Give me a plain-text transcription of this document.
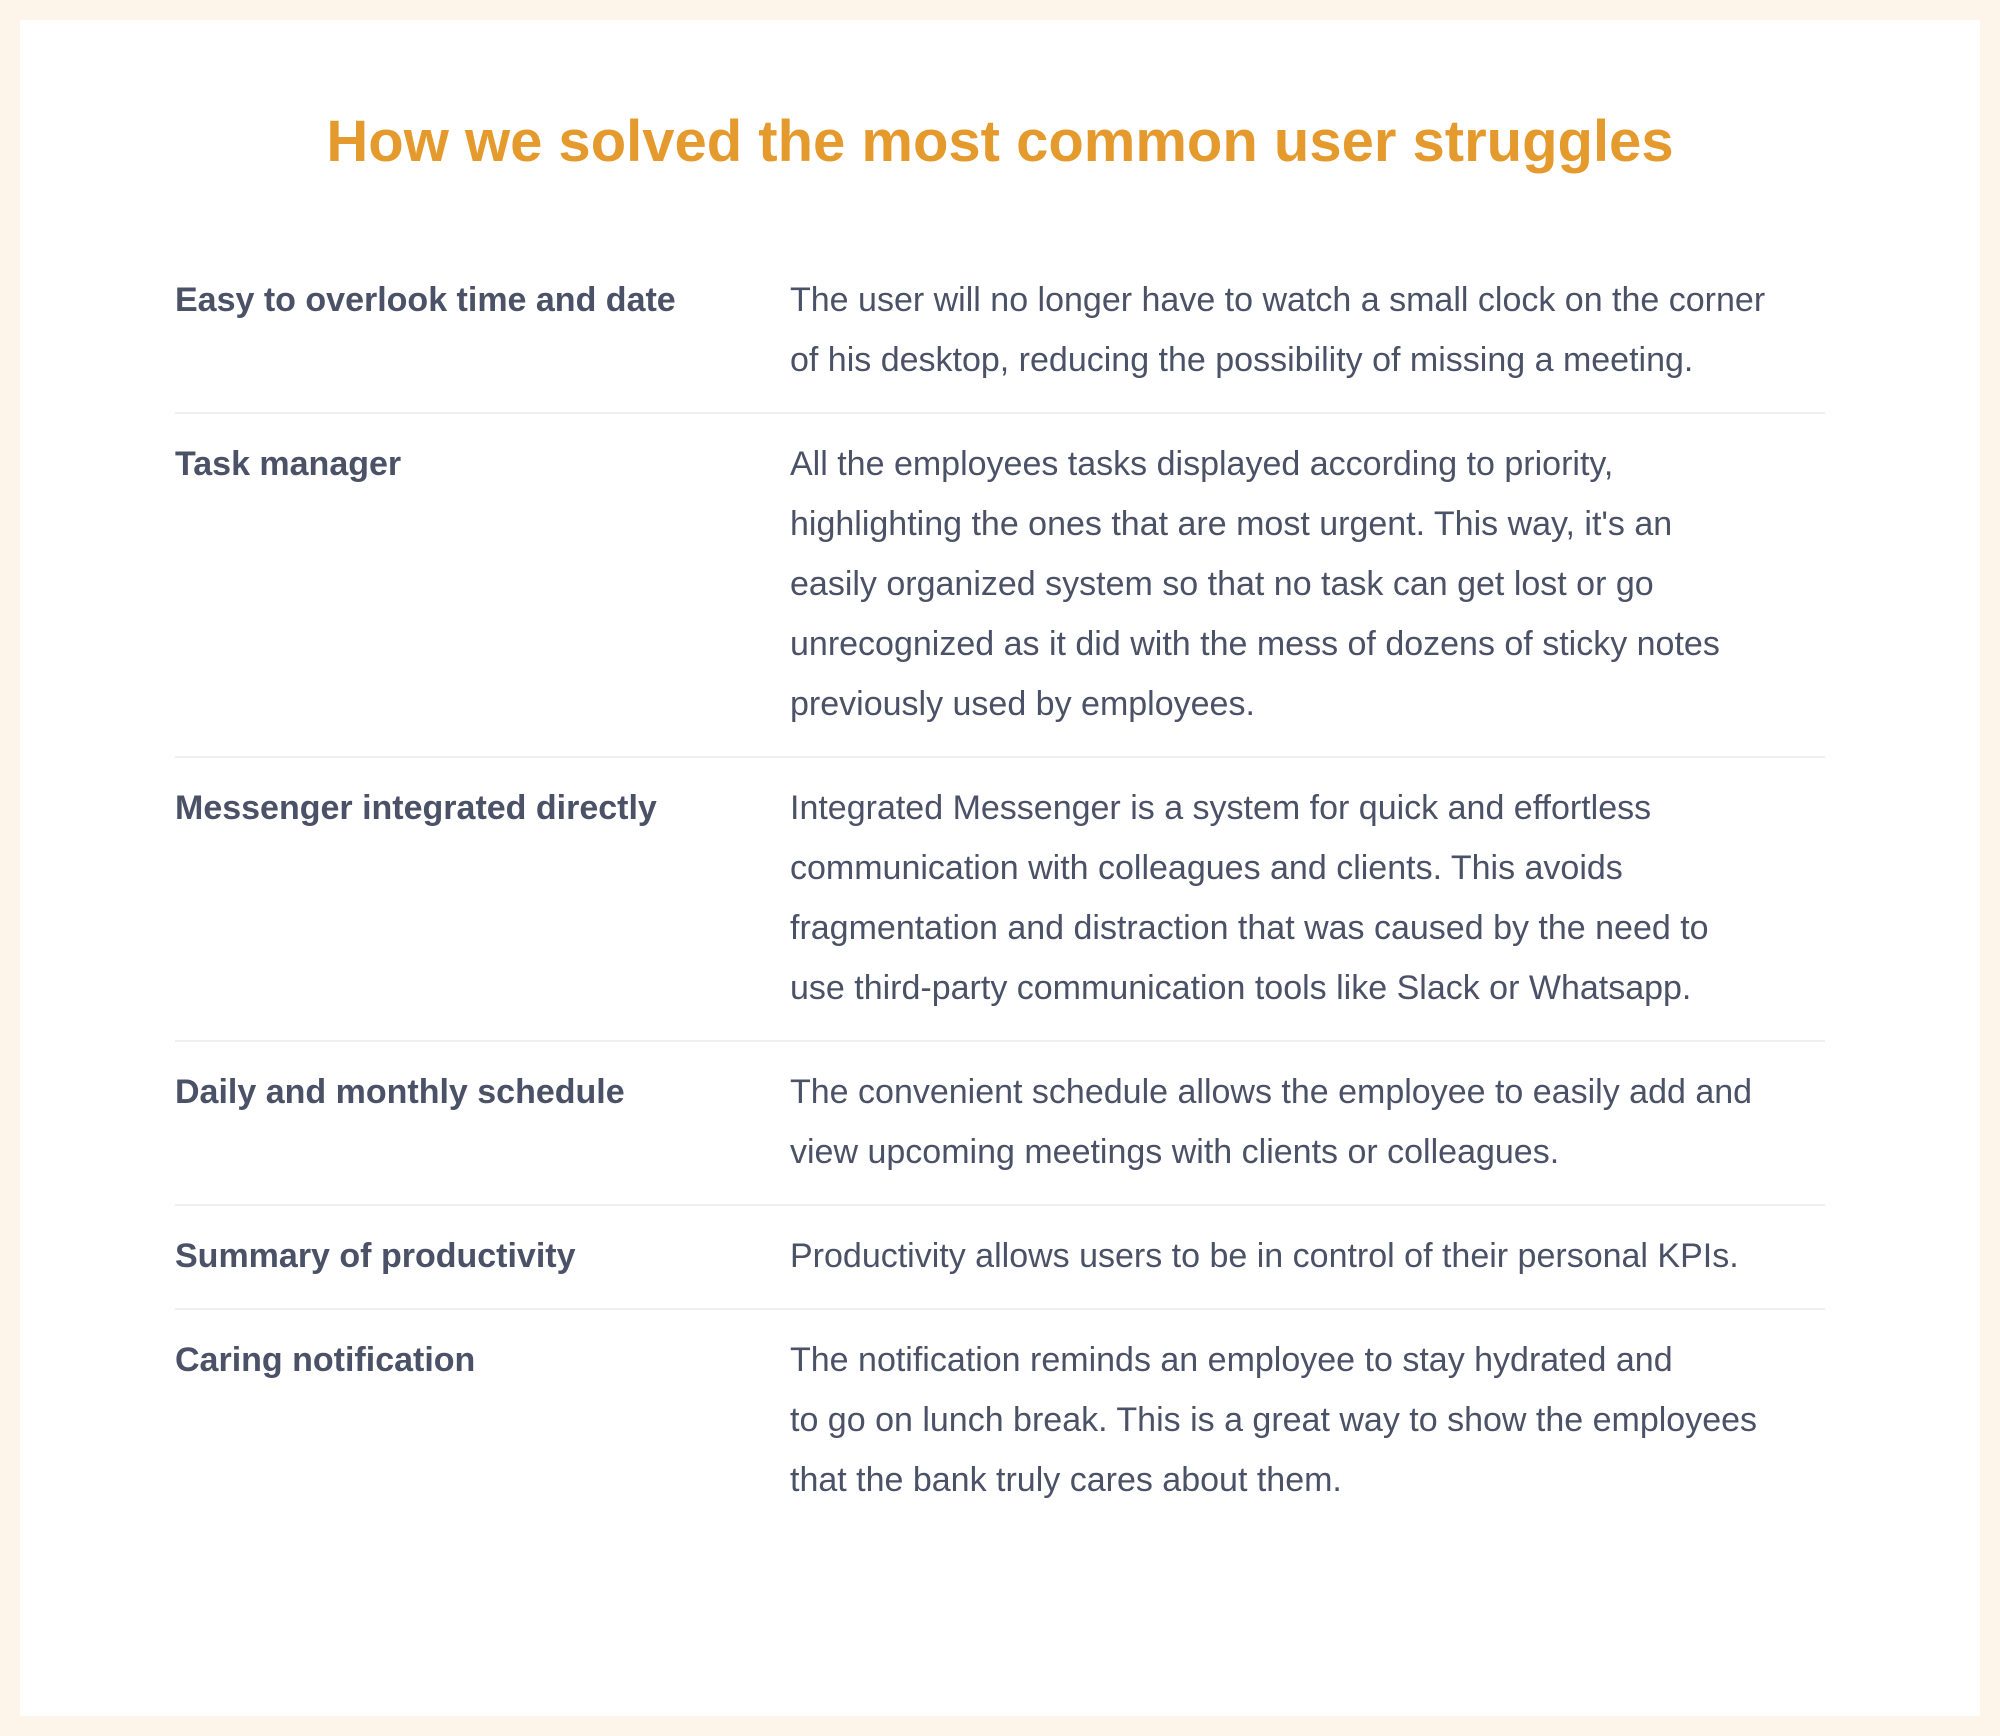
How we solved the most common user struggles
Easy to overlook time and date	The user will no longer have to watch a small clock on the corner
of his desktop, reducing the possibility of missing a meeting.
Task manager	All the employees tasks displayed according to priority,
highlighting the ones that are most urgent. This way, it's an
easily organized system so that no task can get lost or go
unrecognized as it did with the mess of dozens of sticky notes
previously used by employees.
Messenger integrated directly	Integrated Messenger is a system for quick and effortless
communication with colleagues and clients. This avoids
fragmentation and distraction that was caused by the need to
use third-party communication tools like Slack or Whatsapp.
Daily and monthly schedule	The convenient schedule allows the employee to easily add and
view upcoming meetings with clients or colleagues.
Summary of productivity	Productivity allows users to be in control of their personal KPIs.
Caring notification	The notification reminds an employee to stay hydrated and
to go on lunch break. This is a great way to show the employees
that the bank truly cares about them.
